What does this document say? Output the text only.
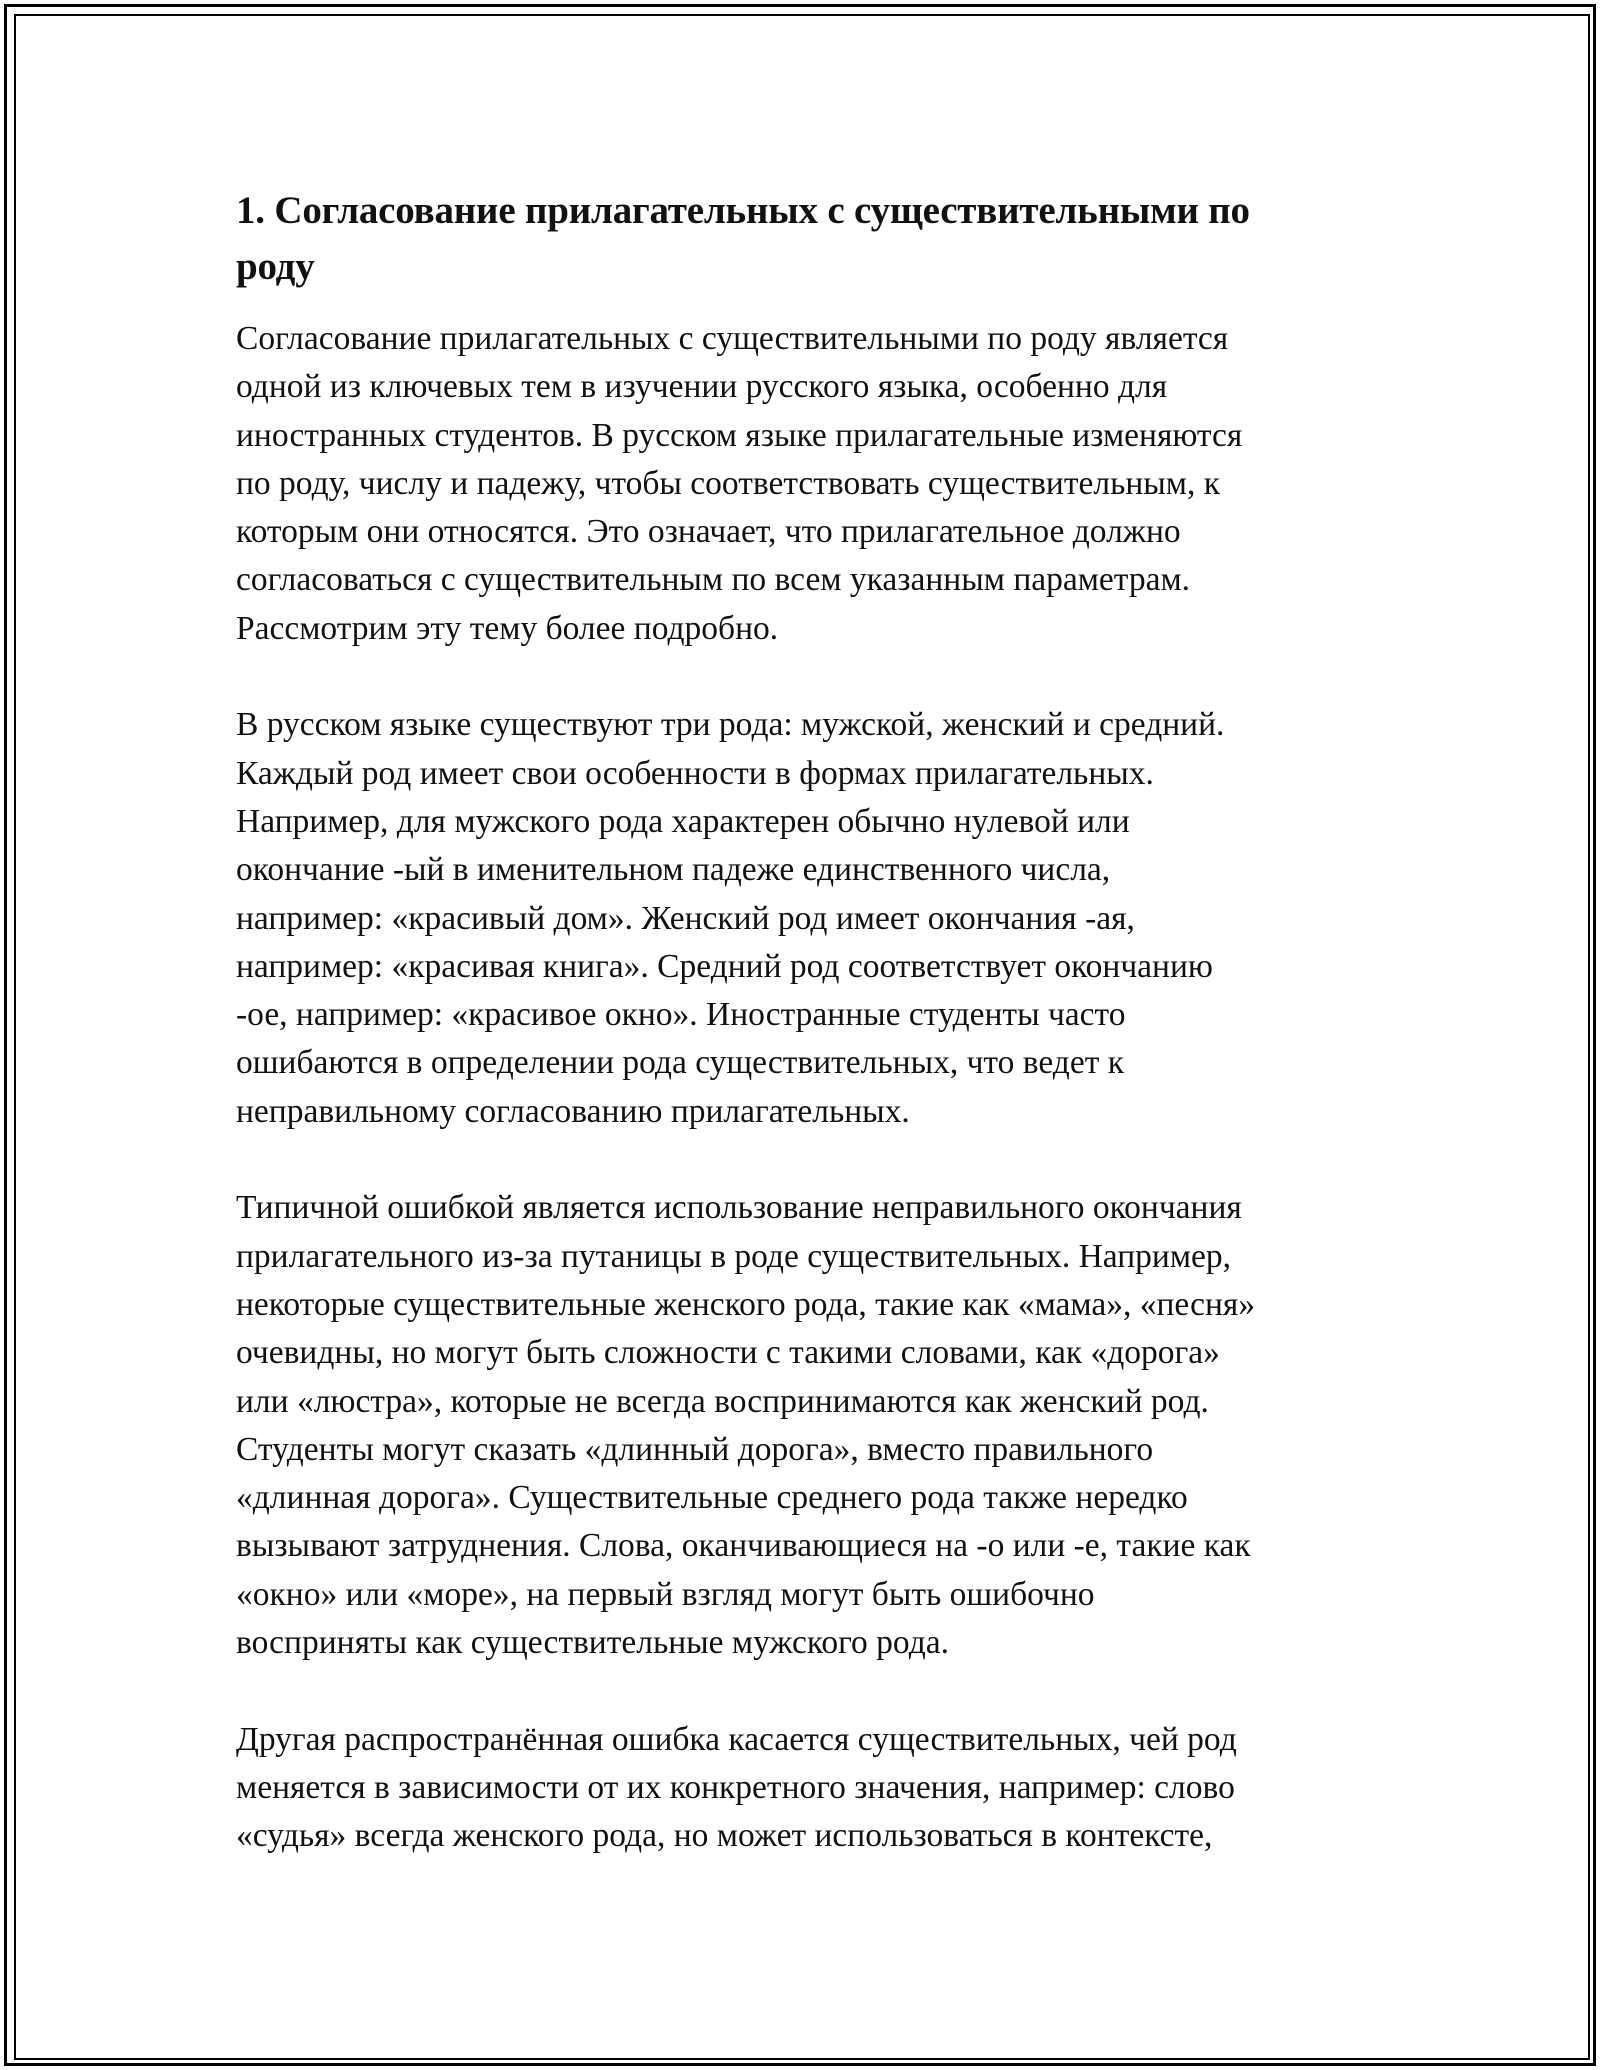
1. Согласование прилагательных с существительными по
роду

Согласование прилагательных с существительными по роду является
одной из ключевых тем в изучении русского языка, особенно для
иностранных студентов. В русском языке прилагательные изменяются
по роду, числу и падежу, чтобы соответствовать существительным, к
которым они относятся. Это означает, что прилагательное должно
согласоваться с существительным по всем указанным параметрам.
Рассмотрим эту тему более подробно.

В русском языке существуют три рода: мужской, женский и средний.
Каждый род имеет свои особенности в формах прилагательных.
Например, для мужского рода характерен обычно нулевой или
окончание -ый в именительном падеже единственного числа,
например: «красивый дом». Женский род имеет окончания -ая,
например: «красивая книга». Средний род соответствует окончанию
-ое, например: «красивое окно». Иностранные студенты часто
ошибаются в определении рода существительных, что ведет к
неправильному согласованию прилагательных.

Типичной ошибкой является использование неправильного окончания
прилагательного из-за путаницы в роде существительных. Например,
некоторые существительные женского рода, такие как «мама», «песня»
очевидны, но могут быть сложности с такими словами, как «дорога»
или «люстра», которые не всегда воспринимаются как женский род.
Студенты могут сказать «длинный дорога», вместо правильного
«длинная дорога». Существительные среднего рода также нередко
вызывают затруднения. Слова, оканчивающиеся на -о или -е, такие как
«окно» или «море», на первый взгляд могут быть ошибочно
восприняты как существительные мужского рода.

Другая распространённая ошибка касается существительных, чей род
меняется в зависимости от их конкретного значения, например: слово
«судья» всегда женского рода, но может использоваться в контексте,
